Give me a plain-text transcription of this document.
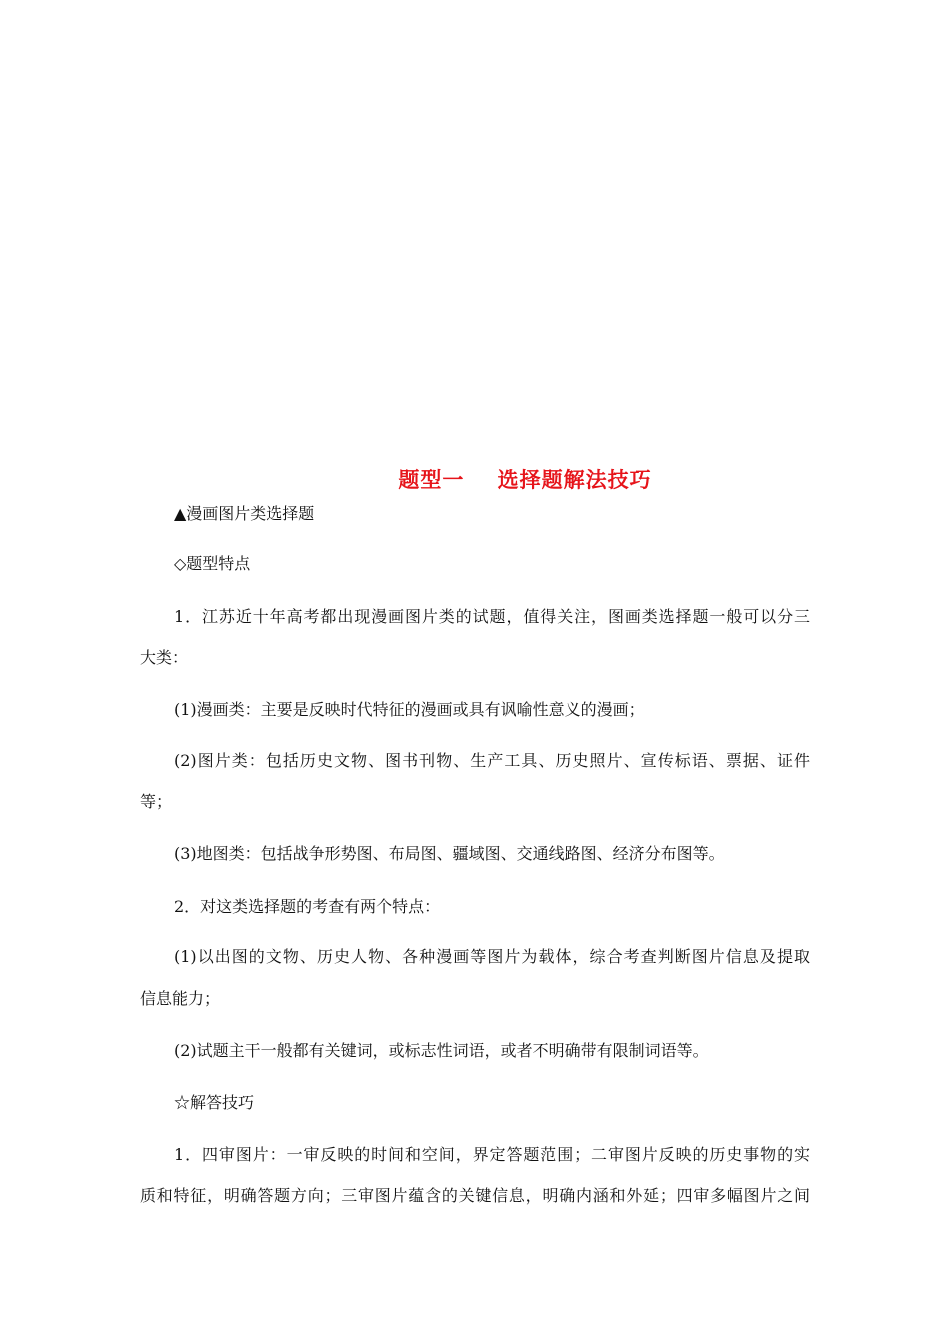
题型一 选择题解法技巧
▲漫画图片类选择题
◇题型特点
1．江苏近十年高考都出现漫画图片类的试题，值得关注，图画类选择题一般可以分三
大类：
(1)漫画类：主要是反映时代特征的漫画或具有讽喻性意义的漫画；
(2)图片类：包括历史文物、图书刊物、生产工具、历史照片、宣传标语、票据、证件
等；
(3)地图类：包括战争形势图、布局图、疆域图、交通线路图、经济分布图等。
2．对这类选择题的考查有两个特点：
(1)以出图的文物、历史人物、各种漫画等图片为载体，综合考查判断图片信息及提取
信息能力；
(2)试题主干一般都有关键词，或标志性词语，或者不明确带有限制词语等。
☆解答技巧
1．四审图片：一审反映的时间和空间，界定答题范围；二审图片反映的历史事物的实
质和特征，明确答题方向；三审图片蕴含的关键信息，明确内涵和外延；四审多幅图片之间
